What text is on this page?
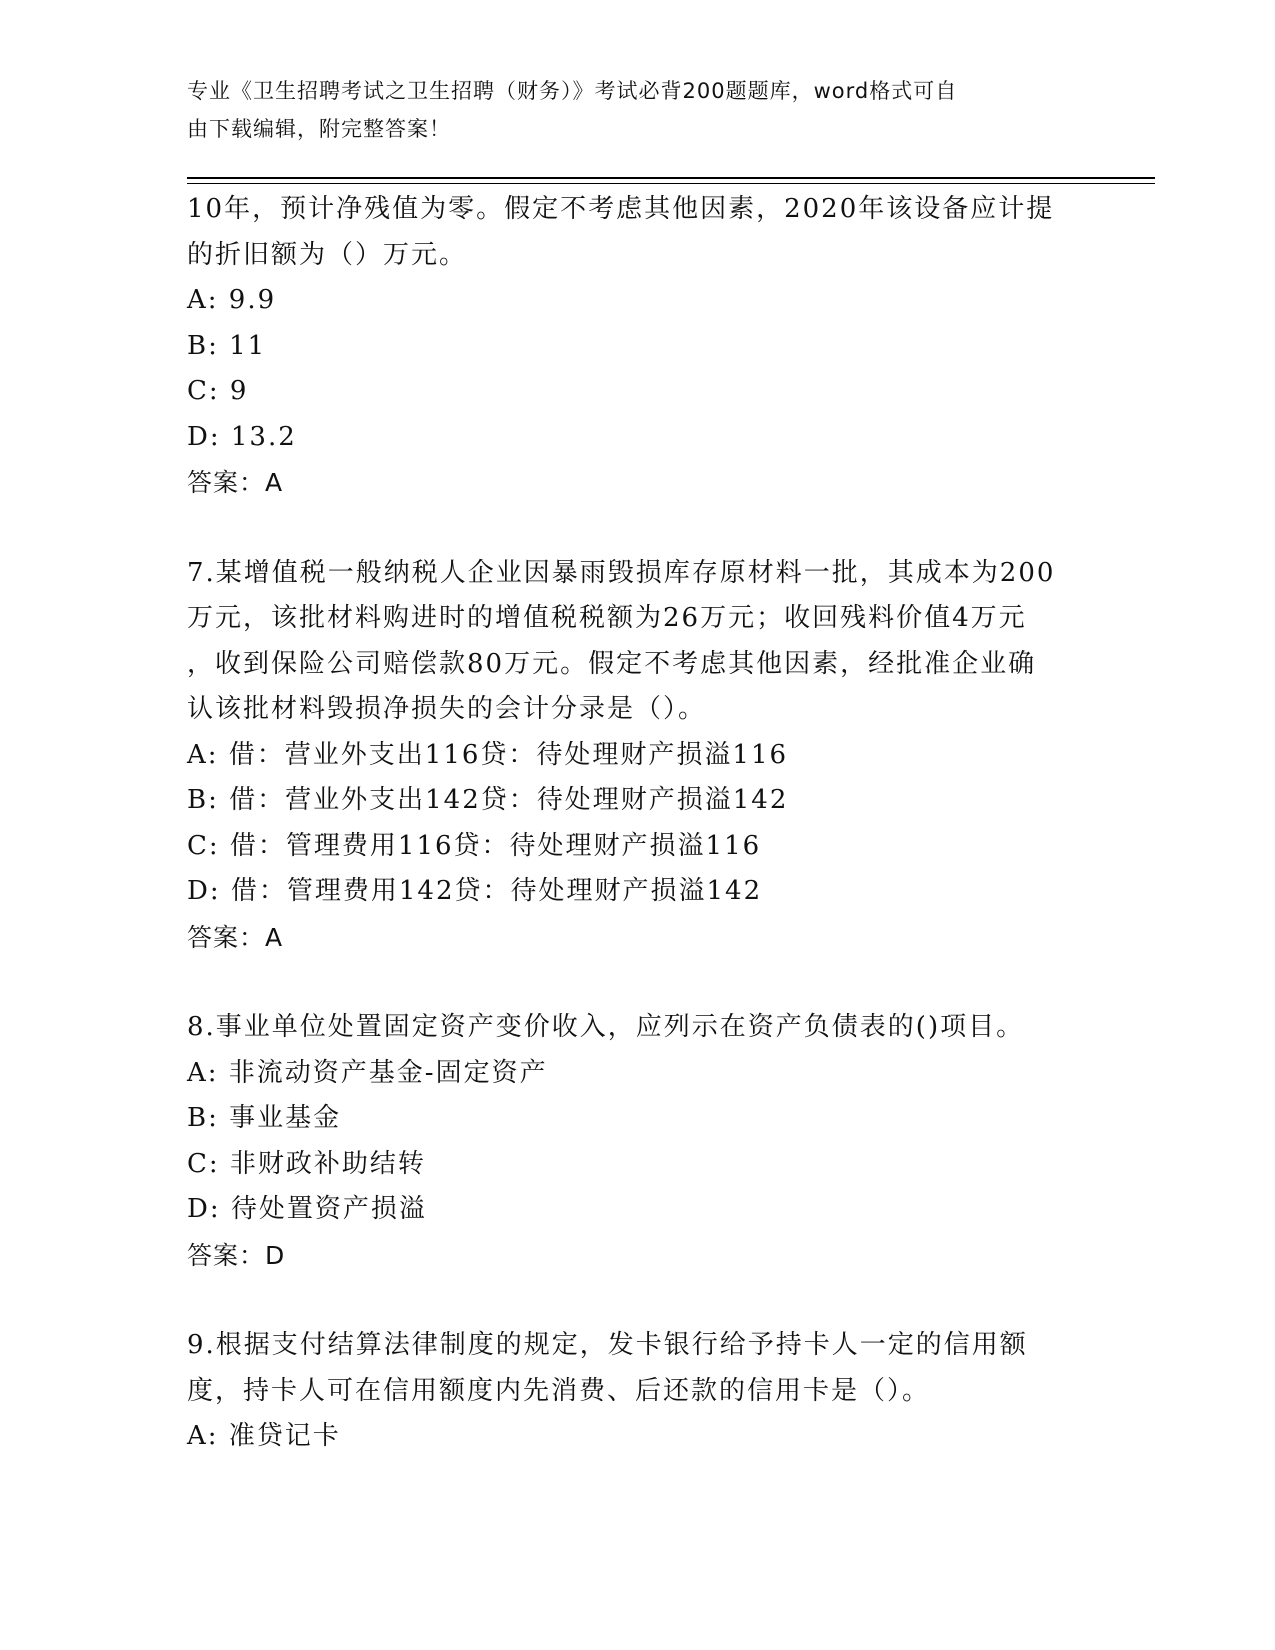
专业《卫生招聘考试之卫生招聘（财务）》考试必背200题题库，word格式可自
由下载编辑，附完整答案！
10年，预计净残值为零。假定不考虑其他因素，2020年该设备应计提
的折旧额为（）万元。
A: 9.9
B: 11
C: 9
D: 13.2
答案：A
7.某增值税一般纳税人企业因暴雨毁损库存原材料一批，其成本为200
万元，该批材料购进时的增值税税额为26万元；收回残料价值4万元
，收到保险公司赔偿款80万元。假定不考虑其他因素，经批准企业确
认该批材料毁损净损失的会计分录是（）。
A: 借：营业外支出116贷：待处理财产损溢116
B: 借：营业外支出142贷：待处理财产损溢142
C: 借：管理费用116贷：待处理财产损溢116
D: 借：管理费用142贷：待处理财产损溢142
答案：A
8.事业单位处置固定资产变价收入，应列示在资产负债表的()项目。
A: 非流动资产基金-固定资产
B: 事业基金
C: 非财政补助结转
D: 待处置资产损溢
答案：D
9.根据支付结算法律制度的规定，发卡银行给予持卡人一定的信用额
度，持卡人可在信用额度内先消费、后还款的信用卡是（）。
A: 准贷记卡
